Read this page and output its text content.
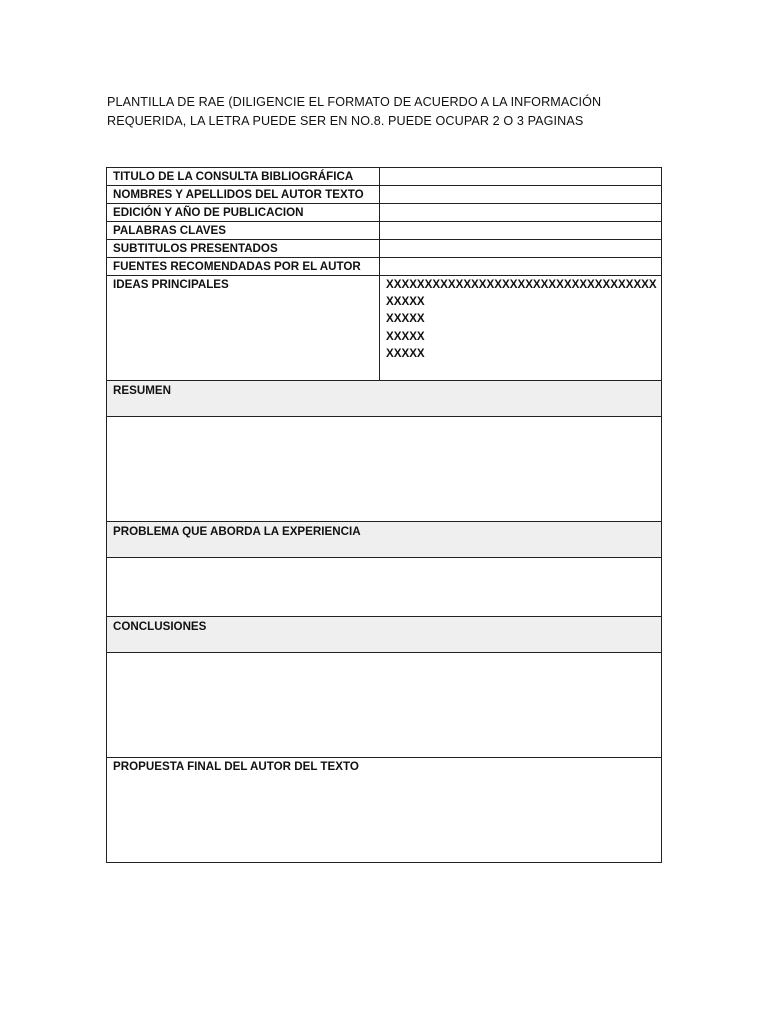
PLANTILLA DE RAE (DILIGENCIE EL FORMATO DE ACUERDO A LA INFORMACIÓN
REQUERIDA, LA LETRA PUEDE SER EN NO.8. PUEDE OCUPAR 2 O 3 PAGINAS
TITULO DE LA CONSULTA BIBLIOGRÁFICA	
NOMBRES Y APELLIDOS DEL AUTOR TEXTO	
EDICIÓN Y AÑO DE PUBLICACION	
PALABRAS CLAVES	
SUBTITULOS PRESENTADOS	
FUENTES RECOMENDADAS POR EL AUTOR	
IDEAS PRINCIPALES	XXXXXXXXXXXXXXXXXXXXXXXXXXXXXXXXXXX
XXXXX
XXXXX
XXXXX
XXXXX

RESUMEN	

PROBLEMA QUE ABORDA LA EXPERIENCIA	

CONCLUSIONES	

PROPUESTA FINAL DEL AUTOR DEL TEXTO	
